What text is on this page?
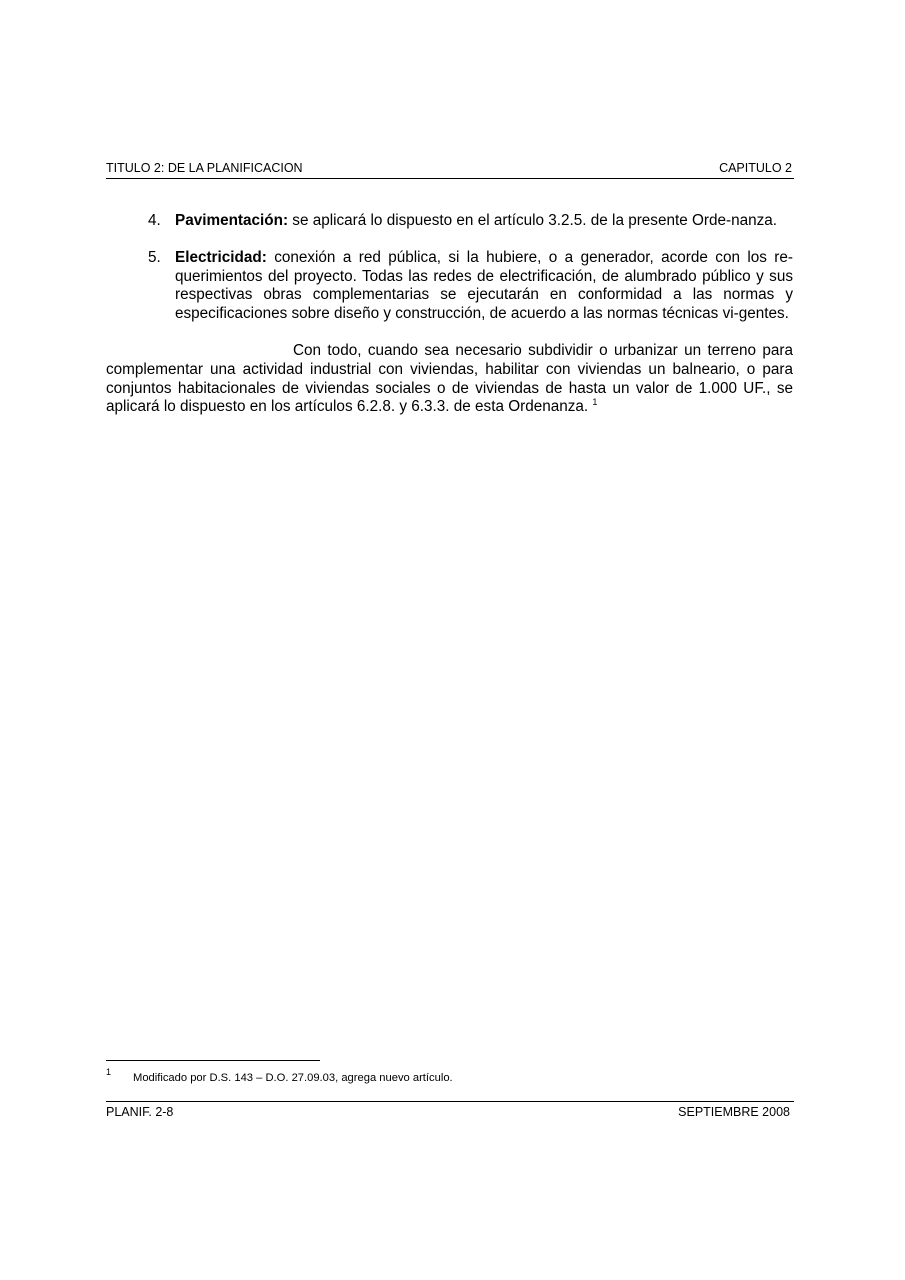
TITULO 2: DE LA PLANIFICACION	CAPITULO 2
4. Pavimentación: se aplicará lo dispuesto en el artículo 3.2.5. de la presente Orde-nanza.
5. Electricidad: conexión a red pública, si la hubiere, o a generador, acorde con los re-querimientos del proyecto. Todas las redes de electrificación, de alumbrado público y sus respectivas obras complementarias se ejecutarán en conformidad a las normas y especificaciones sobre diseño y construcción, de acuerdo a las normas técnicas vi-gentes.

Con todo, cuando sea necesario subdividir o urbanizar un terreno para complementar una actividad industrial con viviendas, habilitar con viviendas un balneario, o para conjuntos habitacionales de viviendas sociales o de viviendas de hasta un valor de 1.000 UF., se aplicará lo dispuesto en los artículos 6.2.8. y 6.3.3. de esta Ordenanza. $^1$

1 Modificado por D.S. 143 – D.O. 27.09.03, agrega nuevo artículo.
PLANIF. 2-8	SEPTIEMBRE 2008
